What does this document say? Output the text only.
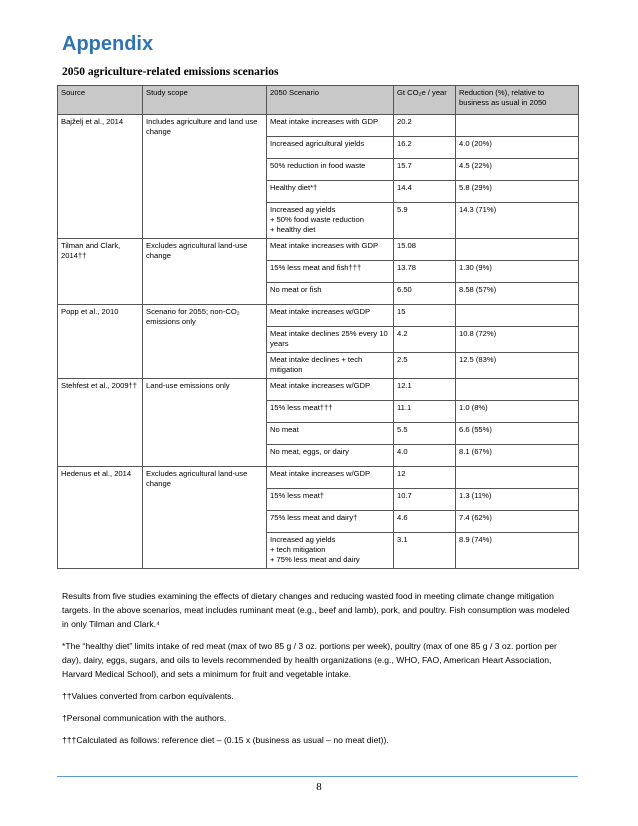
Appendix
2050 agriculture-related emissions scenarios
Source	Study scope	2050 Scenario	Gt CO₂e / year	Reduction (%), relative to business as usual in 2050
Bajželj et al., 2014	Includes agriculture and land use change	Meat intake increases with GDP	20.2	

		Increased agricultural yields	16.2	4.0 (20%)

		50% reduction in food waste	15.7	4.5 (22%)

		Healthy diet*†	14.4	5.8 (29%)

		Increased ag yields
+ 50% food waste reduction
+ healthy diet	5.9	14.3 (71%)
Tilman and Clark, 2014††	Excludes agricultural land-use change	Meat intake increases with GDP	15.08	

		15% less meat and fish†††	13.78	1.30 (9%)

		No meat or fish	6.50	8.58 (57%)
Popp et al., 2010	Scenario for 2055; non-CO₂ emissions only	Meat intake increases w/GDP	15	

		Meat intake declines 25% every 10 years	4.2	10.8 (72%)

		Meat intake declines + tech mitigation	2.5	12.5 (83%)
Stehfest et al., 2009††	Land-use emissions only	Meat intake increases w/GDP	12.1	

		15% less meat†††	11.1	1.0 (8%)

		No meat	5.5	6.6 (55%)

		No meat, eggs, or dairy	4.0	8.1 (67%)
Hedenus et al., 2014	Excludes agricultural land-use change	Meat intake increases w/GDP	12	

		15% less meat†	10.7	1.3 (11%)

		75% less meat and dairy†	4.6	7.4 (62%)

		Increased ag yields
+ tech mitigation
+ 75% less meat and dairy	3.1	8.9 (74%)

Results from five studies examining the effects of dietary changes and reducing wasted food in meeting climate change mitigation targets. In the above scenarios, meat includes ruminant meat (e.g., beef and lamb), pork, and poultry. Fish consumption was modeled in only Tilman and Clark.⁴

*The “healthy diet” limits intake of red meat (max of two 85 g / 3 oz. portions per week), poultry (max of one 85 g / 3 oz. portion per day), dairy, eggs, sugars, and oils to levels recommended by health organizations (e.g., WHO, FAO, American Heart Association, Harvard Medical School), and sets a minimum for fruit and vegetable intake.

††Values converted from carbon equivalents.

†Personal communication with the authors.

†††Calculated as follows: reference diet – (0.15 x (business as usual – no meat diet)).

8
